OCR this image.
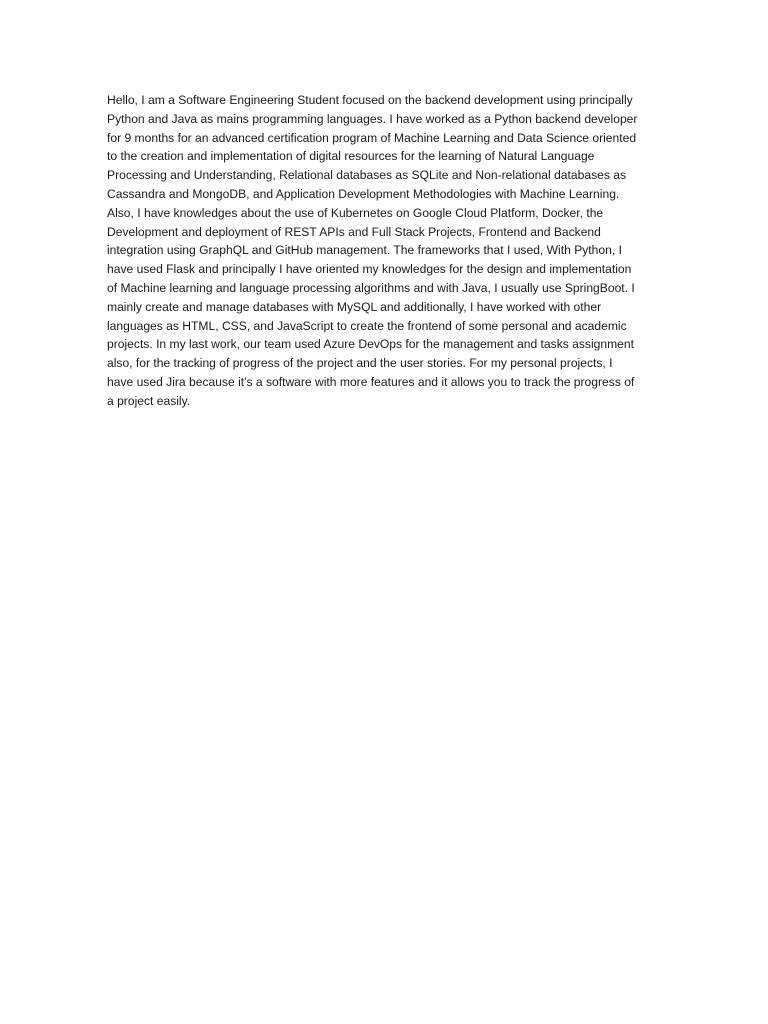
Hello, I am a Software Engineering Student focused on the backend development using principally
Python and Java as mains programming languages. I have worked as a Python backend developer
for 9 months for an advanced certification program of Machine Learning and Data Science oriented
to the creation and implementation of digital resources for the learning of Natural Language
Processing and Understanding, Relational databases as SQLite and Non-relational databases as
Cassandra and MongoDB, and Application Development Methodologies with Machine Learning.
Also, I have knowledges about the use of Kubernetes on Google Cloud Platform, Docker, the
Development and deployment of REST APIs and Full Stack Projects, Frontend and Backend
integration using GraphQL and GitHub management. The frameworks that I used, With Python, I
have used Flask and principally I have oriented my knowledges for the design and implementation
of Machine learning and language processing algorithms and with Java, I usually use SpringBoot. I
mainly create and manage databases with MySQL and additionally, I have worked with other
languages as HTML, CSS, and JavaScript to create the frontend of some personal and academic
projects. In my last work, our team used Azure DevOps for the management and tasks assignment
also, for the tracking of progress of the project and the user stories. For my personal projects, I
have used Jira because it's a software with more features and it allows you to track the progress of
a project easily.
